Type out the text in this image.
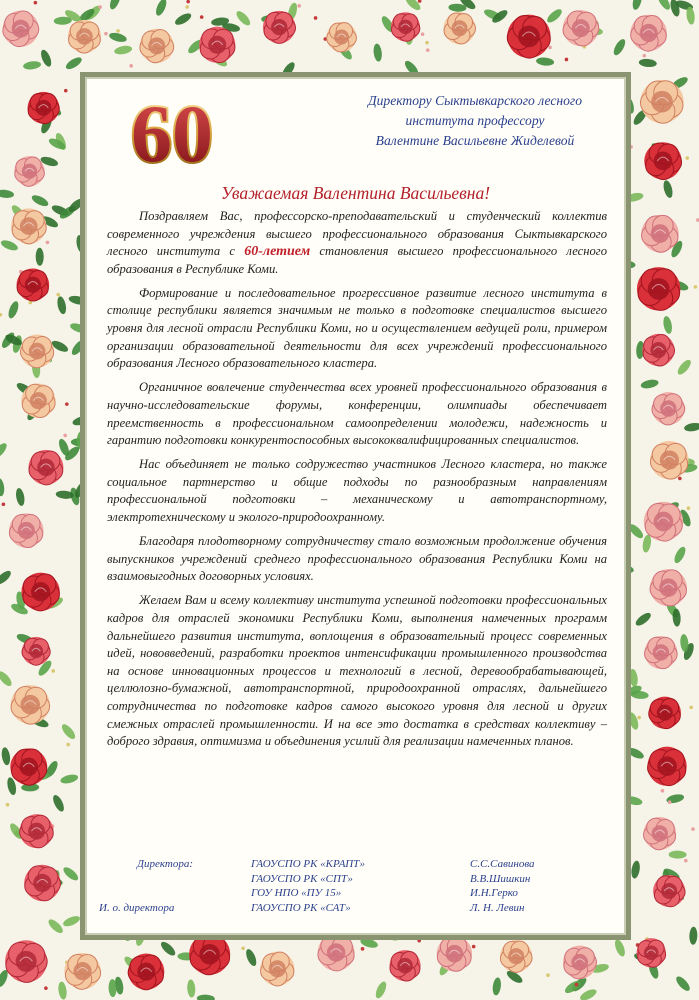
60	Директору Сыктывкарского лесного
института профессору
Валентине Васильевне Жиделевой
Уважаемая Валентина Васильевна!

Поздравляем Вас, профессорско-преподавательский и студенческий коллектив современного учреждения высшего профессионального образования Сыктывкарского лесного института с 60-летием становления высшего профессионального лесного образования в Республике Коми.

Формирование и последовательное прогрессивное развитие лесного института в столице республики является значимым не только в подготовке специалистов высшего уровня для лесной отрасли Республики Коми, но и осуществлением ведущей роли, примером организации образовательной деятельности для всех учреждений профессионального образования Лесного образовательного кластера.

Органичное вовлечение студенчества всех уровней профессионального образования в научно-исследовательские форумы, конференции, олимпиады обеспечивает преемственность в профессиональном самоопределении молодежи, надежность и гарантию подготовки конкурентоспособных высококвалифицированных специалистов.

Нас объединяет не только содружество участников Лесного кластера, но также социальное партнерство и общие подходы по разнообразным направлениям профессиональной подготовки – механическому и автотранспортному, электротехническому и эколого-природоохранному.

Благодаря плодотворному сотрудничеству стало возможным продолжение обучения выпускников учреждений среднего профессионального образования Республики Коми на взаимовыгодных договорных условиях.

Желаем Вам и всему коллективу института успешной подготовки профессиональных кадров для отраслей экономики Республики Коми, выполнения намеченных программ дальнейшего развития института, воплощения в образовательный процесс современных идей, нововведений, разработки проектов интенсификации промышленного производства на основе инновационных процессов и технологий в лесной, деревообрабатывающей, целлюлозно-бумажной, автотранспортной, природоохранной отраслях, дальнейшего сотрудничества по подготовке кадров самого высокого уровня для лесной и других смежных отраслей промышленности. И на все это достатка в средствах коллективу – доброго здравия, оптимизма и объединения усилий для реализации намеченных планов.

Директора:

И. о. директора
ГАОУСПО РК «КРАПТ»
ГАОУСПО РК «СПТ»
ГОУ НПО «ПУ 15»
ГАОУСПО РК «САТ»
С.С.Савинова
В.В.Шишкин
И.Н.Герко
Л. Н. Левин
